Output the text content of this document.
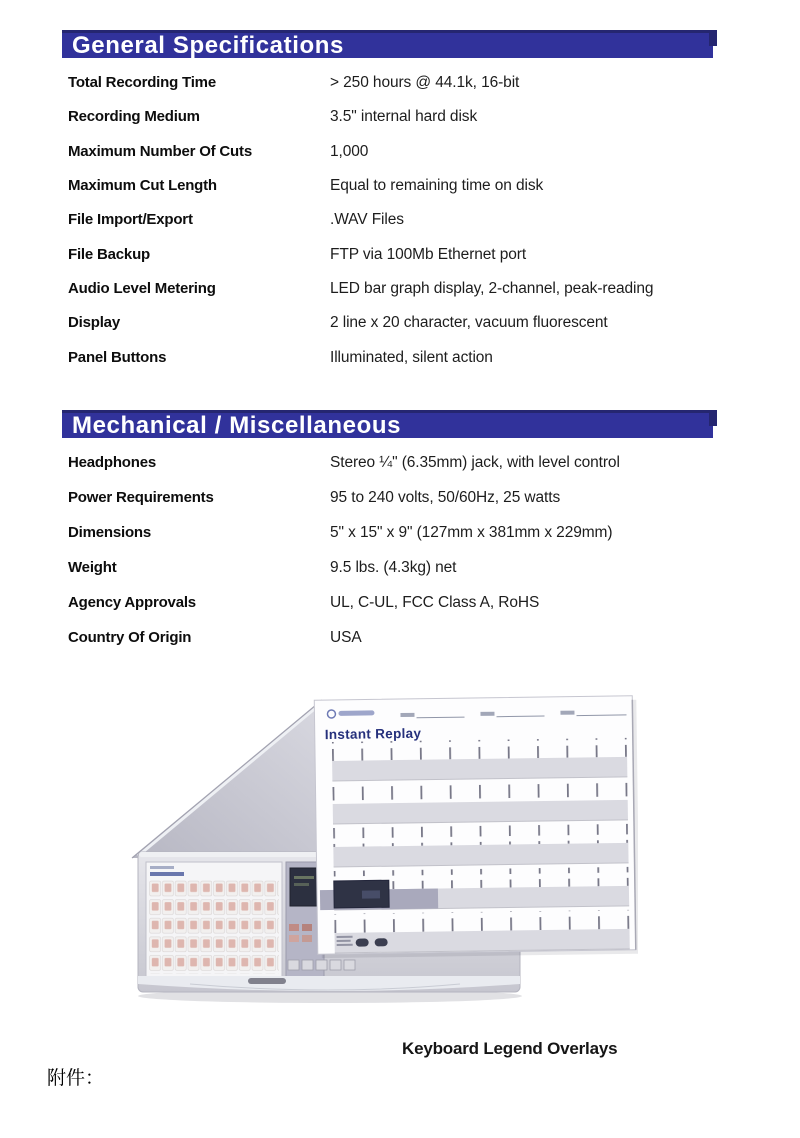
General Specifications
Total Recording Time	> 250 hours @ 44.1k, 16-bit
Recording Medium	3.5" internal hard disk
Maximum Number Of Cuts	1,000
Maximum Cut Length	Equal to remaining time on disk
File Import/Export	.WAV Files
File Backup	FTP via 100Mb Ethernet port
Audio Level Metering	LED bar graph display, 2-channel, peak-reading
Display	2 line x 20 character, vacuum fluorescent
Panel Buttons	Illuminated, silent action
Mechanical / Miscellaneous
Headphones	Stereo ¼" (6.35mm) jack, with level control
Power Requirements	95 to 240 volts, 50/60Hz, 25 watts
Dimensions	5" x 15" x 9" (127mm x 381mm x 229mm)
Weight	9.5 lbs. (4.3kg) net
Agency Approvals	UL, C-UL, FCC Class A, RoHS
Country Of Origin	USA
Instant Replay
Keyboard Legend Overlays
附件：
